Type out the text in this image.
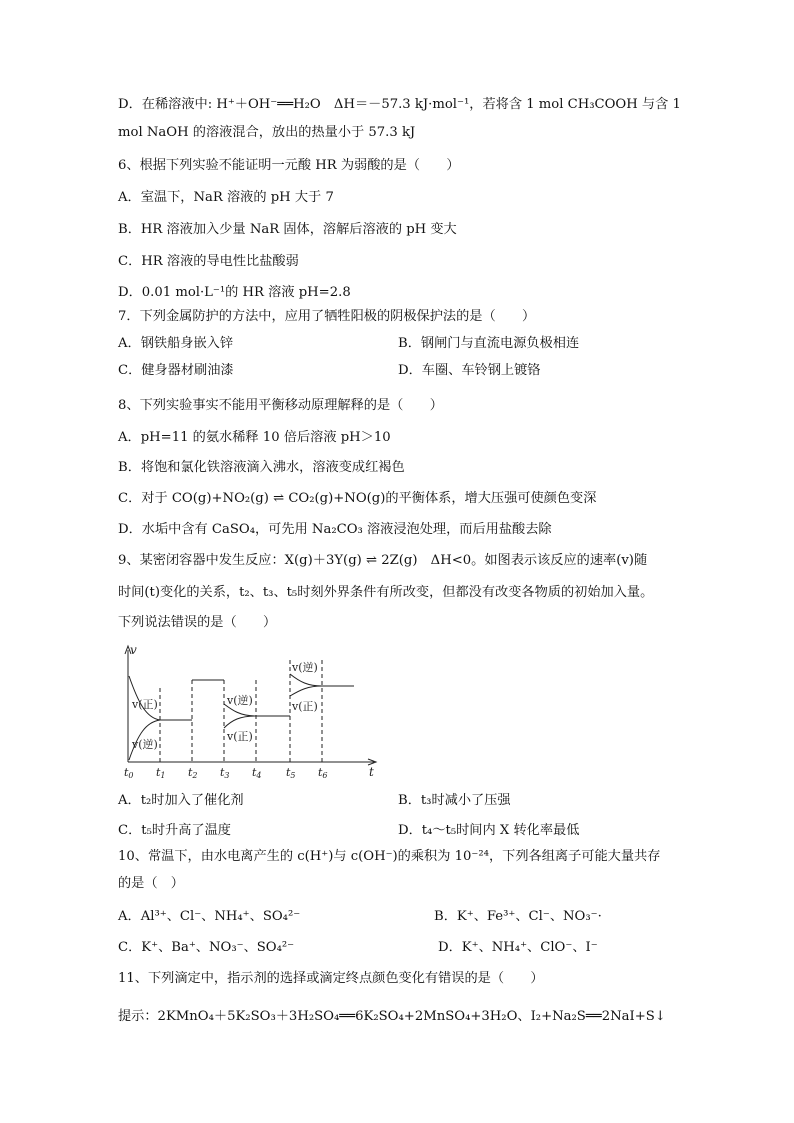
D．在稀溶液中: H⁺＋OH⁻══H₂O　ΔH＝－57.3 kJ·mol⁻¹，若将含 1 mol CH₃COOH 与含 1
mol NaOH 的溶液混合，放出的热量小于 57.3 kJ
6、根据下列实验不能证明一元酸 HR 为弱酸的是（　　）
A．室温下，NaR 溶液的 pH 大于 7
B．HR 溶液加入少量 NaR 固体，溶解后溶液的 pH 变大
C．HR 溶液的导电性比盐酸弱
D．0.01 mol·L⁻¹的 HR 溶液 pH=2.8
7．下列金属防护的方法中，应用了牺牲阳极的阴极保护法的是（　　）
A．钢铁船身嵌入锌	B．钢闸门与直流电源负极相连
C．健身器材刷油漆	D．车圈、车铃钢上镀铬
8、下列实验事实不能用平衡移动原理解释的是（　　）
A．pH=11 的氨水稀释 10 倍后溶液 pH＞10
B．将饱和氯化铁溶液滴入沸水，溶液变成红褐色
C．对于 CO(g)+NO₂(g) ⇌ CO₂(g)+NO(g)的平衡体系，增大压强可使颜色变深
D．水垢中含有 CaSO₄，可先用 Na₂CO₃ 溶液浸泡处理，而后用盐酸去除
9、某密闭容器中发生反应：X(g)＋3Y(g) ⇌ 2Z(g)　ΔH<0。如图表示该反应的速率(v)随
时间(t)变化的关系，t₂、t₃、t₅时刻外界条件有所改变，但都没有改变各物质的初始加入量。
下列说法错误的是（　　）
v
t
t0 t1 t2 t3 t4 t5 t6
v(正)
v(逆)
v(逆)
v(正)
v(逆)
v(正)
A．t₂时加入了催化剂	B．t₃时减小了压强
C．t₅时升高了温度	D．t₄～t₅时间内 X 转化率最低
10、常温下，由水电离产生的 c(H⁺)与 c(OH⁻)的乘积为 10⁻²⁴，下列各组离子可能大量共存
的是（　）
A．Al³⁺、Cl⁻、NH₄⁺、SO₄²⁻	B．K⁺、Fe³⁺、Cl⁻、NO₃⁻·
C．K⁺、Ba⁺、NO₃⁻、SO₄²⁻	D．K⁺、NH₄⁺、ClO⁻、I⁻
11、下列滴定中，指示剂的选择或滴定终点颜色变化有错误的是（　　）
提示：2KMnO₄＋5K₂SO₃＋3H₂SO₄══6K₂SO₄+2MnSO₄+3H₂O、I₂+Na₂S══2NaI+S↓
